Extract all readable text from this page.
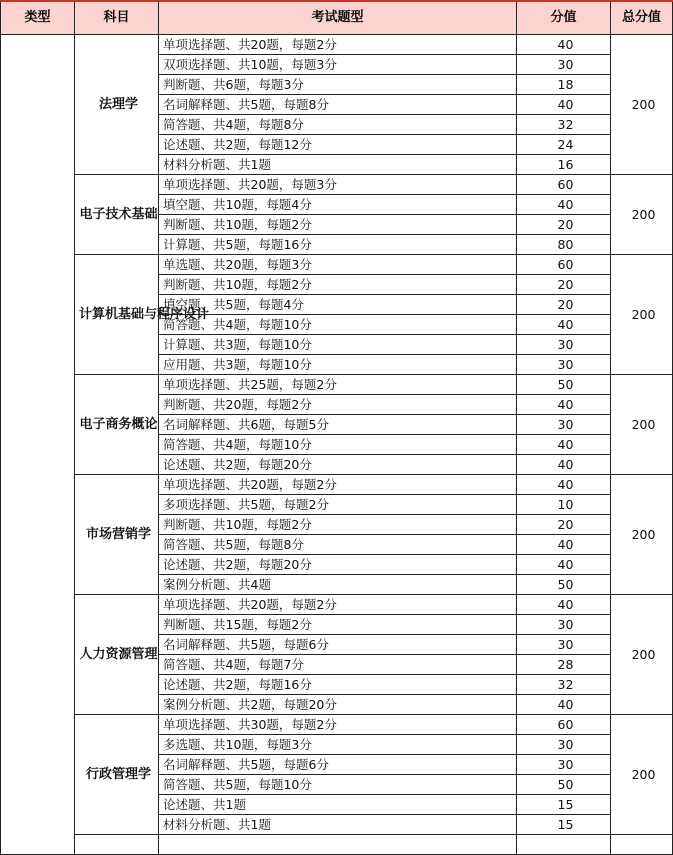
类型	科目	考试题型	分值	总分值
	法理学	单项选择题、共20题，每题2分	40	200
		双项选择题、共10题，每题3分	30	
		判断题、共6题，每题3分	18	
		名词解释题、共5题，每题8分	40	
		简答题、共4题，每题8分	32	
		论述题、共2题，每题12分	24	
		材料分析题、共1题	16	
	电子技术基础	单项选择题、共20题，每题3分	60	200
		填空题、共10题，每题4分	40	
		判断题、共10题，每题2分	20	
		计算题、共5题，每题16分	80	
	计算机基础与程序设计	单选题、共20题，每题3分	60	200
		判断题、共10题，每题2分	20	
		填空题、共5题，每题4分	20	
		简答题、共4题，每题10分	40	
		计算题、共3题，每题10分	30	
		应用题、共3题，每题10分	30	
	电子商务概论	单项选择题、共25题，每题2分	50	200
		判断题、共20题，每题2分	40	
		名词解释题、共6题，每题5分	30	
		简答题、共4题，每题10分	40	
		论述题、共2题，每题20分	40	
	市场营销学	单项选择题、共20题，每题2分	40	200
		多项选择题、共5题，每题2分	10	
		判断题、共10题，每题2分	20	
		简答题、共5题，每题8分	40	
		论述题、共2题，每题20分	40	
		案例分析题、共4题	50	
	人力资源管理	单项选择题、共20题，每题2分	40	200
		判断题、共15题，每题2分	30	
		名词解释题、共5题，每题6分	30	
		简答题、共4题，每题7分	28	
		论述题、共2题，每题16分	32	
		案例分析题、共2题，每题20分	40	
	行政管理学	单项选择题、共30题，每题2分	60	200
		多选题、共10题，每题3分	30	
		名词解释题、共5题，每题6分	30	
		简答题、共5题，每题10分	50	
		论述题、共1题	15	
		材料分析题、共1题	15	
